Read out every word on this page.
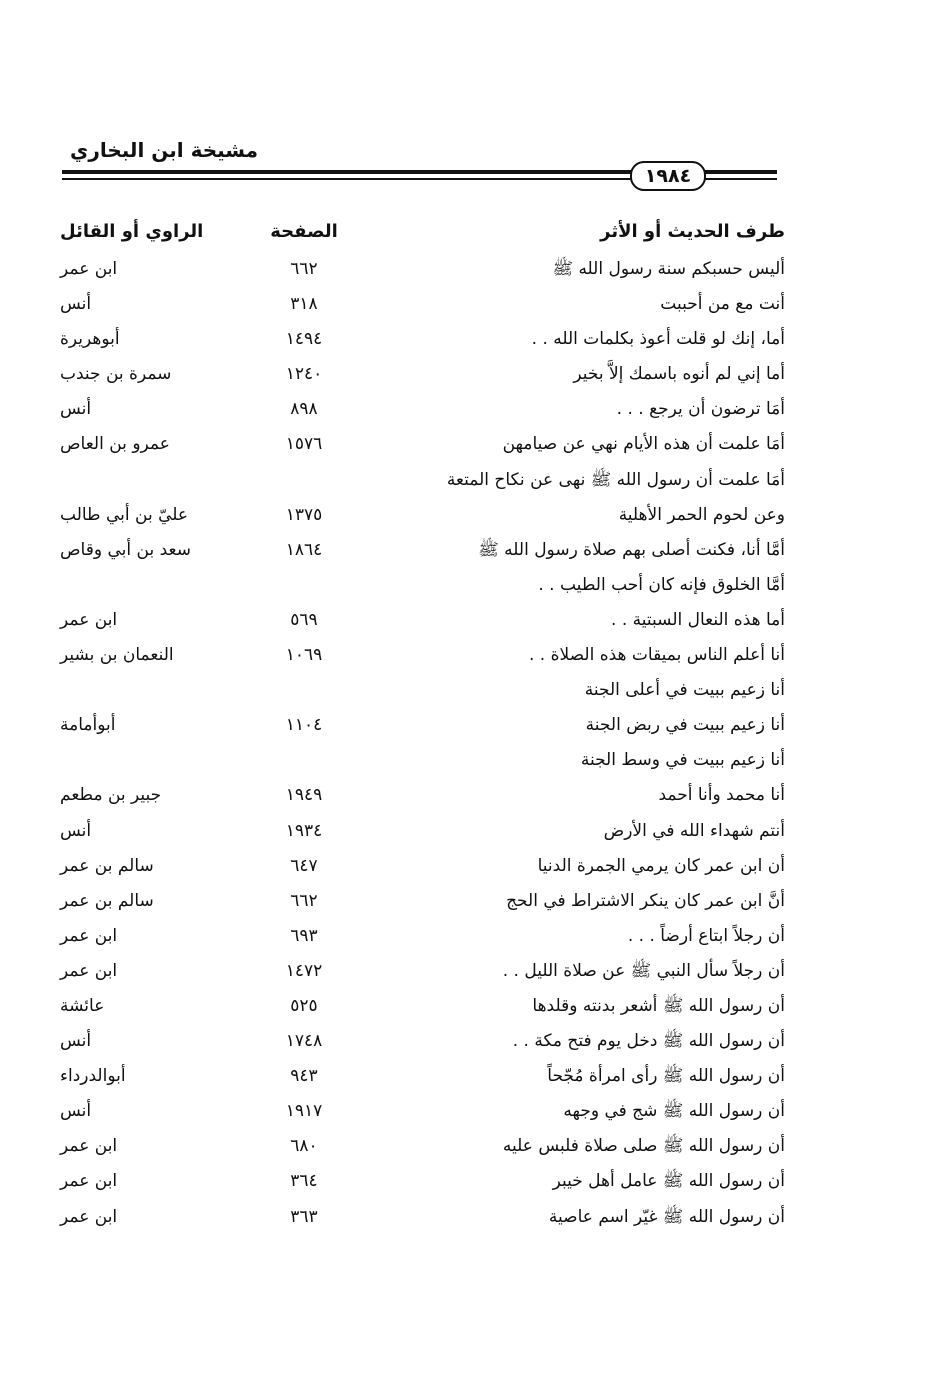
مشيخة ابن البخاري
١٩٨٤
طرف الحديث أو الأثر
الصفحة
الراوي أو القائل
أليس حسبكم سنة رسول الله ﷺ
٦٦٢
ابن عمر
أنت مع من أحببت
٣١٨
أنس
أما، إنك لو قلت أعوذ بكلمات الله . .
١٤٩٤
أبوهريرة
أما إني لم أنوه باسمك إلاَّ بخير
١٢٤٠
سمرة بن جندب
أمَا ترضون أن يرجع . . .
٨٩٨
أنس
أمَا علمت أن هذه الأيام نهي عن صيامهن
١٥٧٦
عمرو بن العاص
أمَا علمت أن رسول الله ﷺ نهى عن نكاح المتعة
وعن لحوم الحمر الأهلية
١٣٧٥
عليّ بن أبي طالب
أمَّا أنا، فكنت أصلى بهم صلاة رسول الله ﷺ
١٨٦٤
سعد بن أبي وقاص
أمَّا الخلوق فإنه كان أحب الطيب . .
أما هذه النعال السبتية . .
٥٦٩
ابن عمر
أنا أعلم الناس بميقات هذه الصلاة . .
١٠٦٩
النعمان بن بشير
أنا زعيم ببيت في أعلى الجنة
أنا زعيم ببيت في ربض الجنة
١١٠٤
أبوأمامة
أنا زعيم ببيت في وسط الجنة
أنا محمد وأنا أحمد
١٩٤٩
جبير بن مطعم
أنتم شهداء الله في الأرض
١٩٣٤
أنس
أن ابن عمر كان يرمي الجمرة الدنيا
٦٤٧
سالم بن عمر
أنَّ ابن عمر كان ينكر الاشتراط في الحج
٦٦٢
سالم بن عمر
أن رجلاً ابتاع أرضاً . . .
٦٩٣
ابن عمر
أن رجلاً سأل النبي ﷺ عن صلاة الليل . .
١٤٧٢
ابن عمر
أن رسول الله ﷺ أشعر بدنته وقلدها
٥٢٥
عائشة
أن رسول الله ﷺ دخل يوم فتح مكة . .
١٧٤٨
أنس
أن رسول الله ﷺ رأى امرأة مُجّحاً
٩٤٣
أبوالدرداء
أن رسول الله ﷺ شج في وجهه
١٩١٧
أنس
أن رسول الله ﷺ صلى صلاة فلبس عليه
٦٨٠
ابن عمر
أن رسول الله ﷺ عامل أهل خيبر
٣٦٤
ابن عمر
أن رسول الله ﷺ غيّر اسم عاصية
٣٦٣
ابن عمر
